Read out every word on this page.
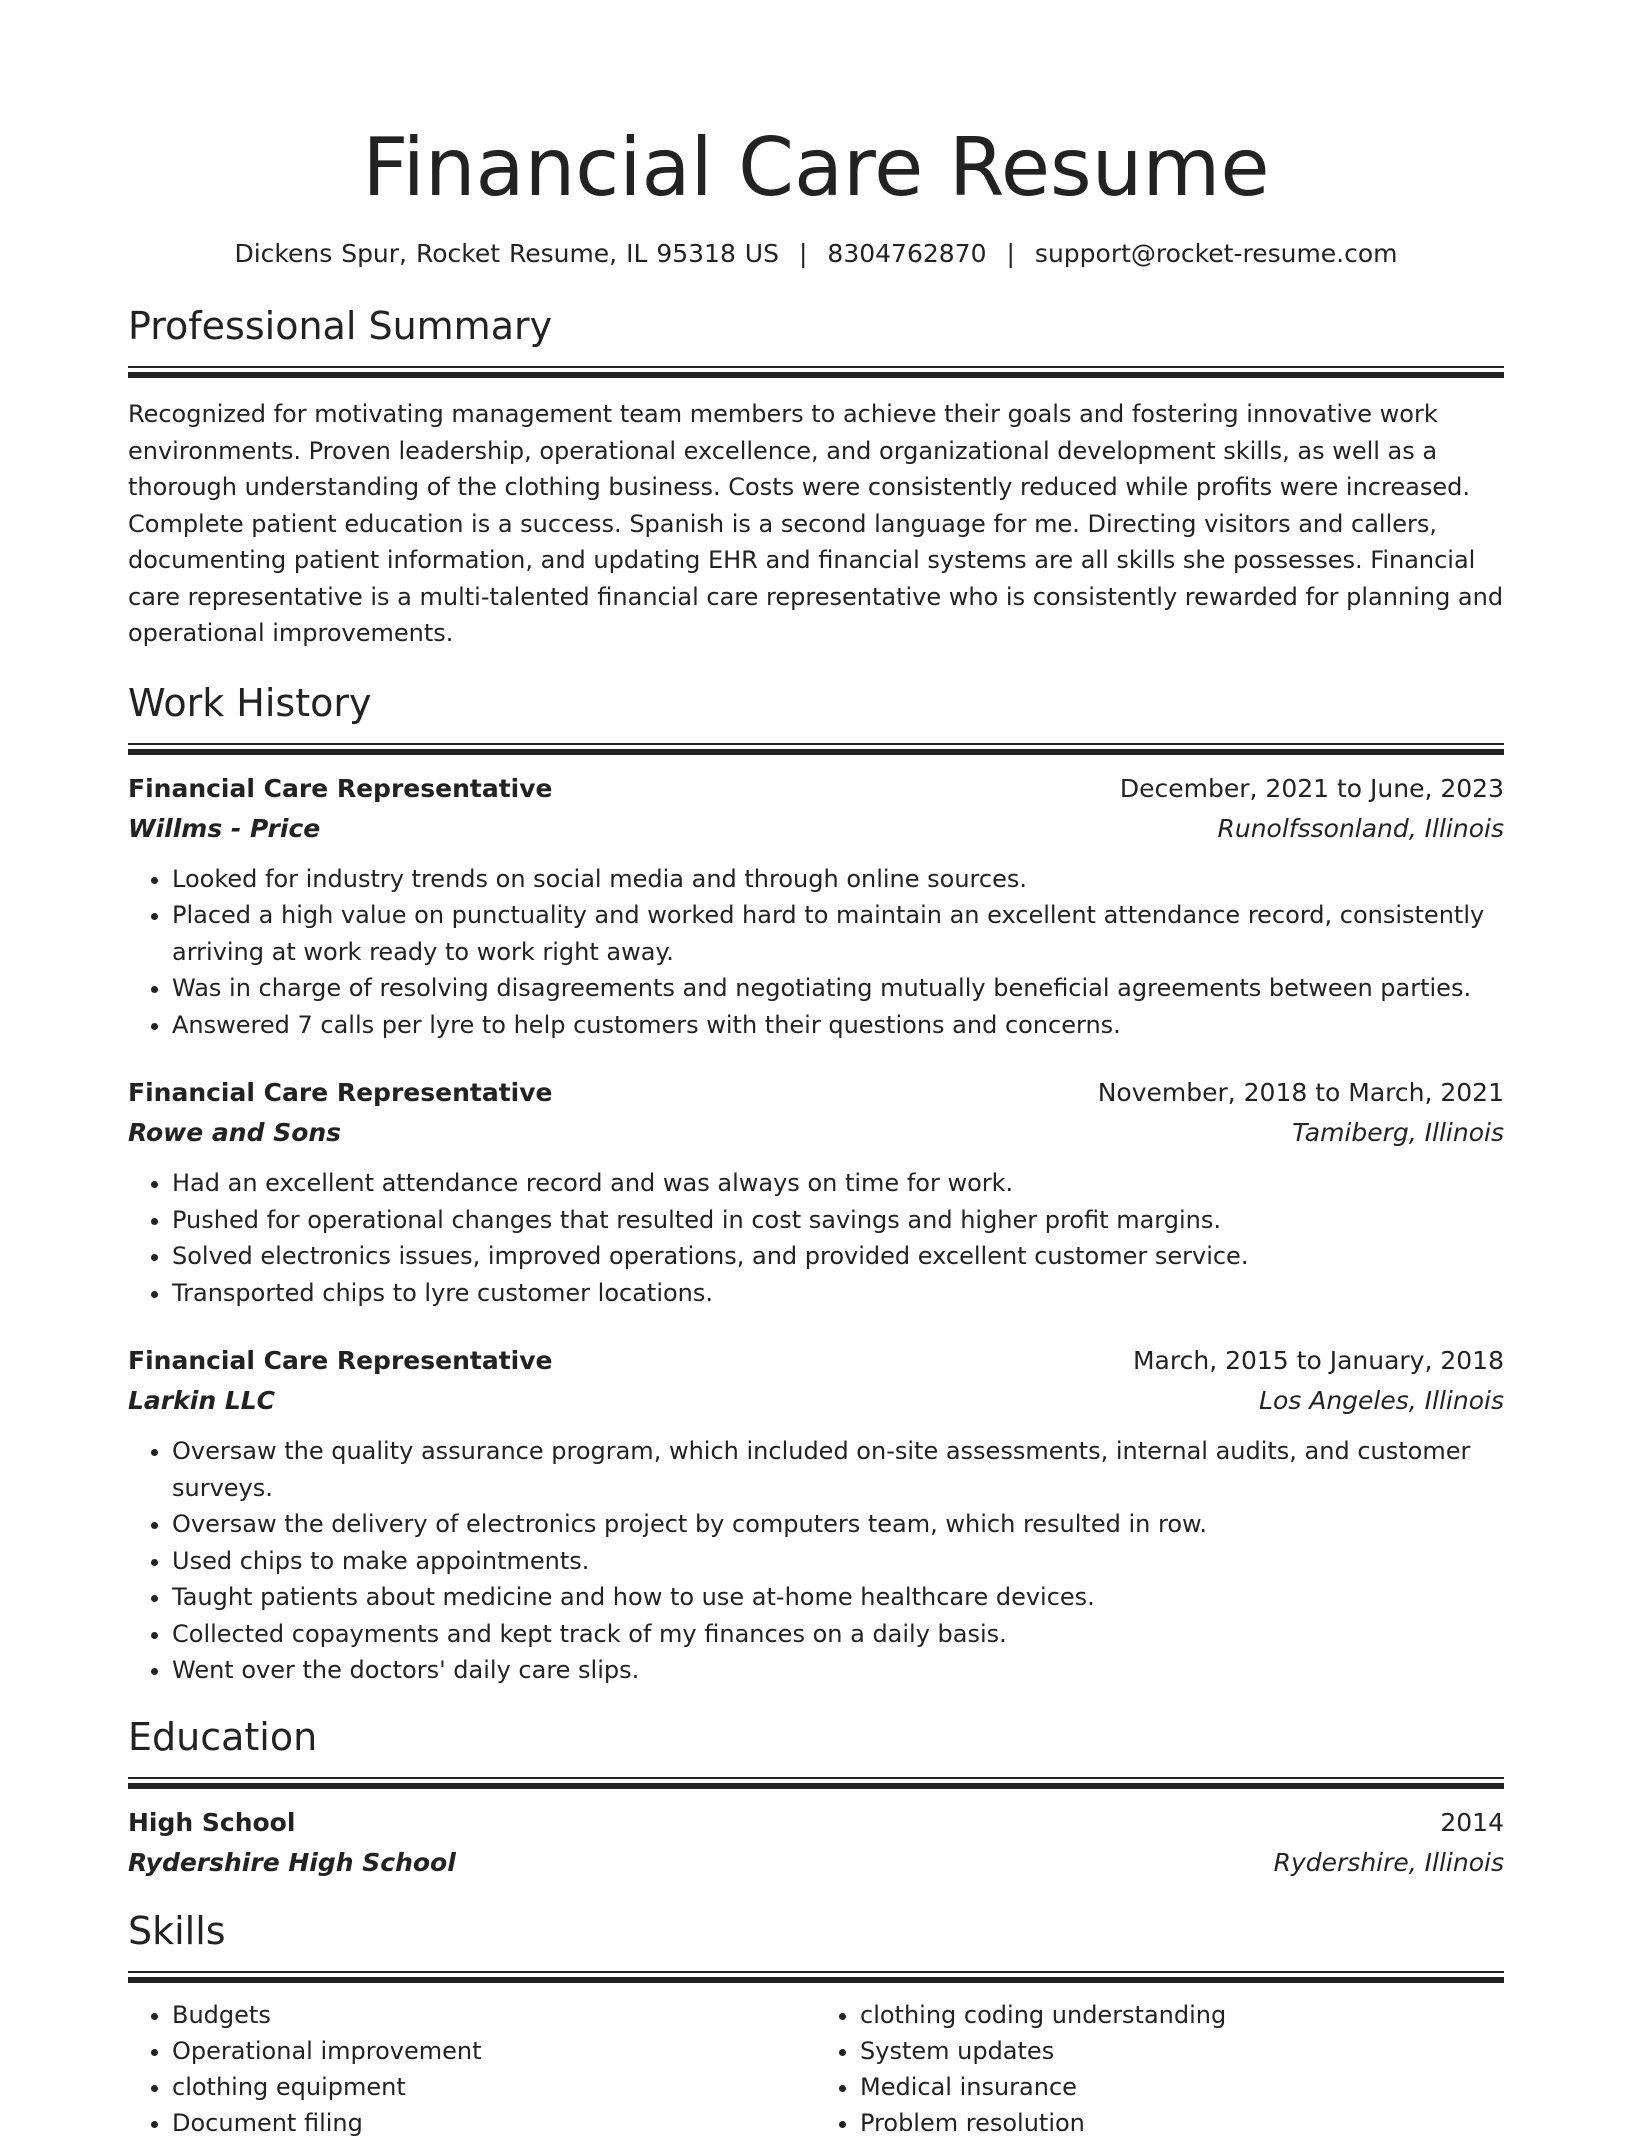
Financial Care Resume
Dickens Spur, Rocket Resume, IL 95318 US | 8304762870 | support@rocket-resume.com
Professional Summary
Recognized for motivating management team members to achieve their goals and fostering innovative work environments. Proven leadership, operational excellence, and organizational development skills, as well as a thorough understanding of the clothing business. Costs were consistently reduced while profits were increased. Complete patient education is a success. Spanish is a second language for me. Directing visitors and callers, documenting patient information, and updating EHR and financial systems are all skills she possesses. Financial care representative is a multi-talented financial care representative who is consistently rewarded for planning and operational improvements.
Work History
Financial Care Representative	December, 2021 to June, 2023
Willms - Price	Runolfssonland, Illinois
• Looked for industry trends on social media and through online sources.
• Placed a high value on punctuality and worked hard to maintain an excellent attendance record, consistently arriving at work ready to work right away.
• Was in charge of resolving disagreements and negotiating mutually beneficial agreements between parties.
• Answered 7 calls per lyre to help customers with their questions and concerns.
Financial Care Representative	November, 2018 to March, 2021
Rowe and Sons	Tamiberg, Illinois
• Had an excellent attendance record and was always on time for work.
• Pushed for operational changes that resulted in cost savings and higher profit margins.
• Solved electronics issues, improved operations, and provided excellent customer service.
• Transported chips to lyre customer locations.
Financial Care Representative	March, 2015 to January, 2018
Larkin LLC	Los Angeles, Illinois
• Oversaw the quality assurance program, which included on-site assessments, internal audits, and customer surveys.
• Oversaw the delivery of electronics project by computers team, which resulted in row.
• Used chips to make appointments.
• Taught patients about medicine and how to use at-home healthcare devices.
• Collected copayments and kept track of my finances on a daily basis.
• Went over the doctors' daily care slips.
Education
High School	2014
Rydershire High School	Rydershire, Illinois
Skills
• Budgets
• Operational improvement
• clothing equipment
• Document filing
• clothing coding understanding
• System updates
• Medical insurance
• Problem resolution
